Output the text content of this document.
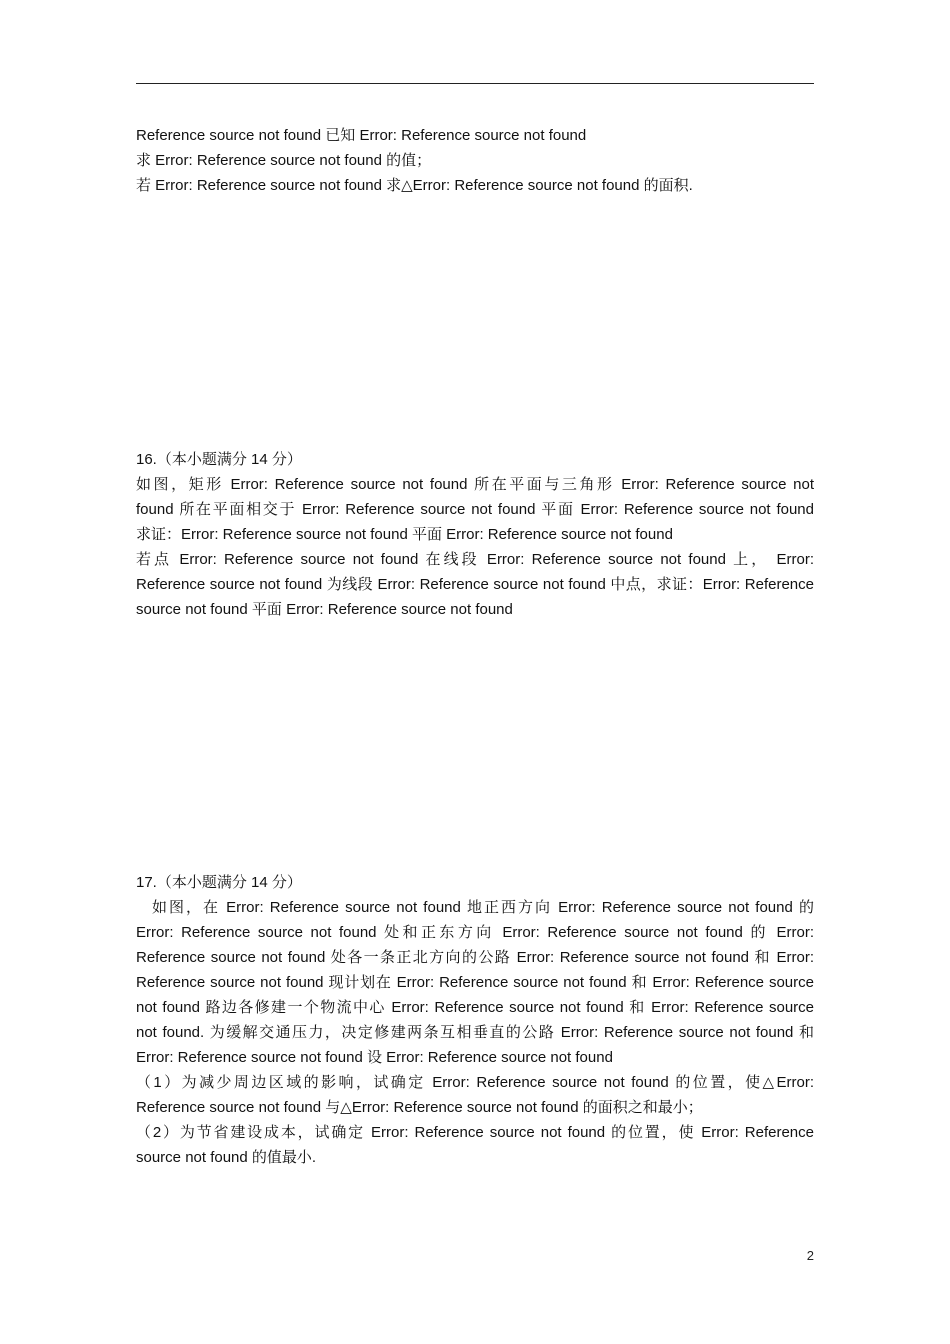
Reference source not found 已知 Error: Reference source not found
求 Error: Reference source not found 的值；
若 Error: Reference source not found 求△Error: Reference source not found 的面积.
16.（本小题满分 14 分）
如图，矩形 Error: Reference source not found 所在平面与三角形 Error: Reference source not
found 所在平面相交于 Error: Reference source not found 平面 Error: Reference source not found
求证：Error: Reference source not found 平面 Error: Reference source not found
若点 Error: Reference source not found 在线段 Error: Reference source not found 上， Error:
Reference source not found 为线段 Error: Reference source not found 中点，求证：Error: Reference
source not found 平面 Error: Reference source not found
17.（本小题满分 14 分）
如图，在 Error: Reference source not found 地正西方向 Error: Reference source not found 的
Error: Reference source not found 处和正东方向 Error: Reference source not found 的 Error:
Reference source not found 处各一条正北方向的公路 Error: Reference source not found 和 Error:
Reference source not found 现计划在 Error: Reference source not found 和 Error: Reference source
not found 路边各修建一个物流中心 Error: Reference source not found 和 Error: Reference source
not found. 为缓解交通压力，决定修建两条互相垂直的公路 Error: Reference source not found 和
Error: Reference source not found 设 Error: Reference source not found
（1）为减少周边区域的影响，试确定 Error: Reference source not found 的位置，使△Error:
Reference source not found 与△Error: Reference source not found 的面积之和最小；
（2）为节省建设成本，试确定 Error: Reference source not found 的位置，使 Error: Reference
source not found 的值最小.
2
